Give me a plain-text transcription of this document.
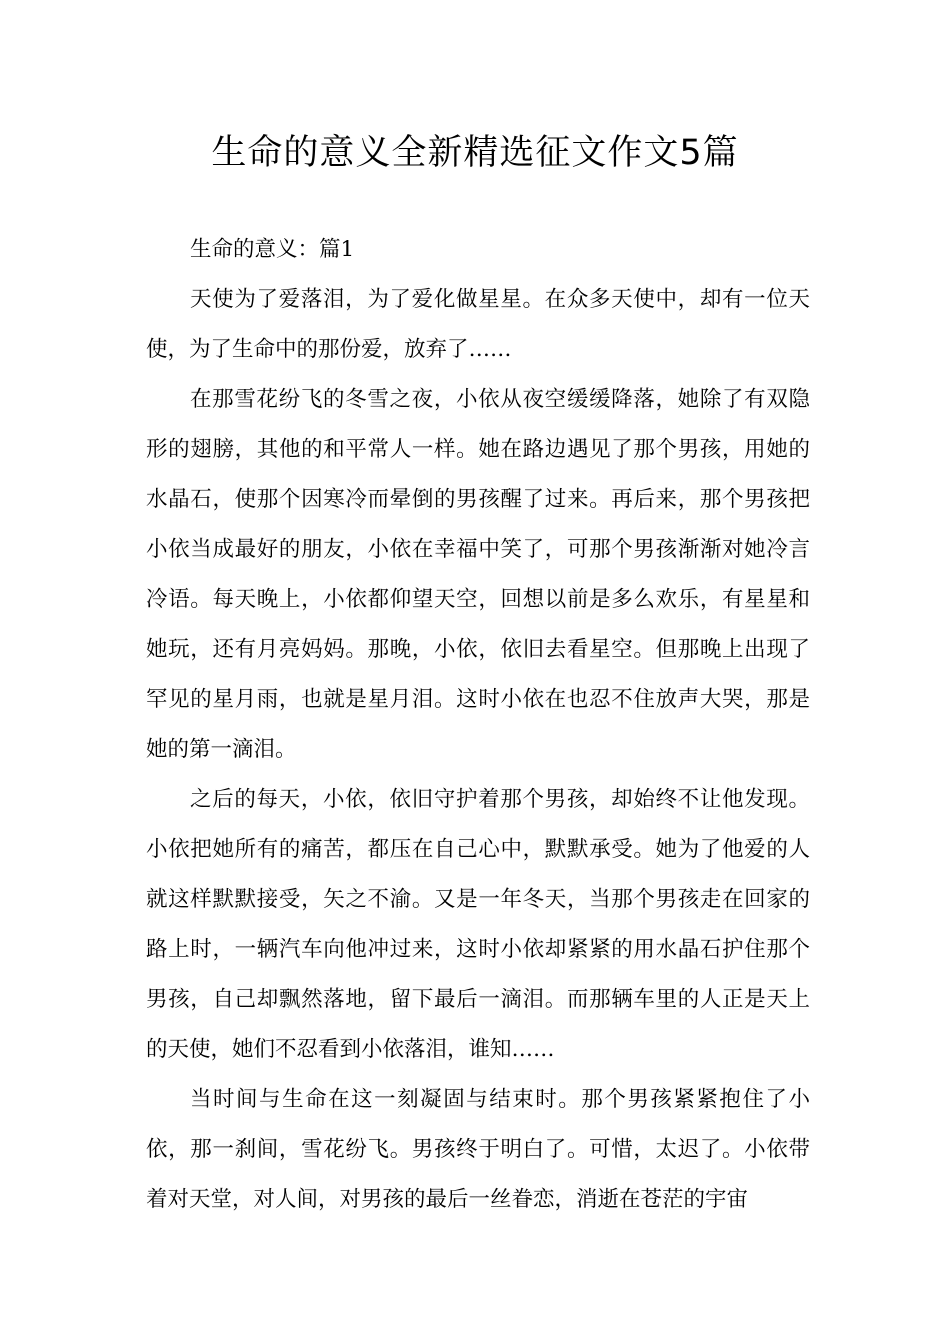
生命的意义全新精选征文作文5篇

生命的意义：篇1

天使为了爱落泪，为了爱化做星星。在众多天使中，却有一位天使，为了生命中的那份爱，放弃了……

在那雪花纷飞的冬雪之夜，小依从夜空缓缓降落，她除了有双隐形的翅膀，其他的和平常人一样。她在路边遇见了那个男孩，用她的水晶石，使那个因寒冷而晕倒的男孩醒了过来。再后来，那个男孩把小依当成最好的朋友，小依在幸福中笑了，可那个男孩渐渐对她冷言冷语。每天晚上，小依都仰望天空，回想以前是多么欢乐，有星星和她玩，还有月亮妈妈。那晚，小依，依旧去看星空。但那晚上出现了罕见的星月雨，也就是星月泪。这时小依在也忍不住放声大哭，那是她的第一滴泪。

之后的每天，小依，依旧守护着那个男孩，却始终不让他发现。小依把她所有的痛苦，都压在自己心中，默默承受。她为了他爱的人就这样默默接受，矢之不渝。又是一年冬天，当那个男孩走在回家的路上时，一辆汽车向他冲过来，这时小依却紧紧的用水晶石护住那个男孩，自己却飘然落地，留下最后一滴泪。而那辆车里的人正是天上的天使，她们不忍看到小依落泪，谁知……

当时间与生命在这一刻凝固与结束时。那个男孩紧紧抱住了小依，那一刹间，雪花纷飞。男孩终于明白了。可惜，太迟了。小依带着对天堂，对人间，对男孩的最后一丝眷恋，消逝在苍茫的宇宙
